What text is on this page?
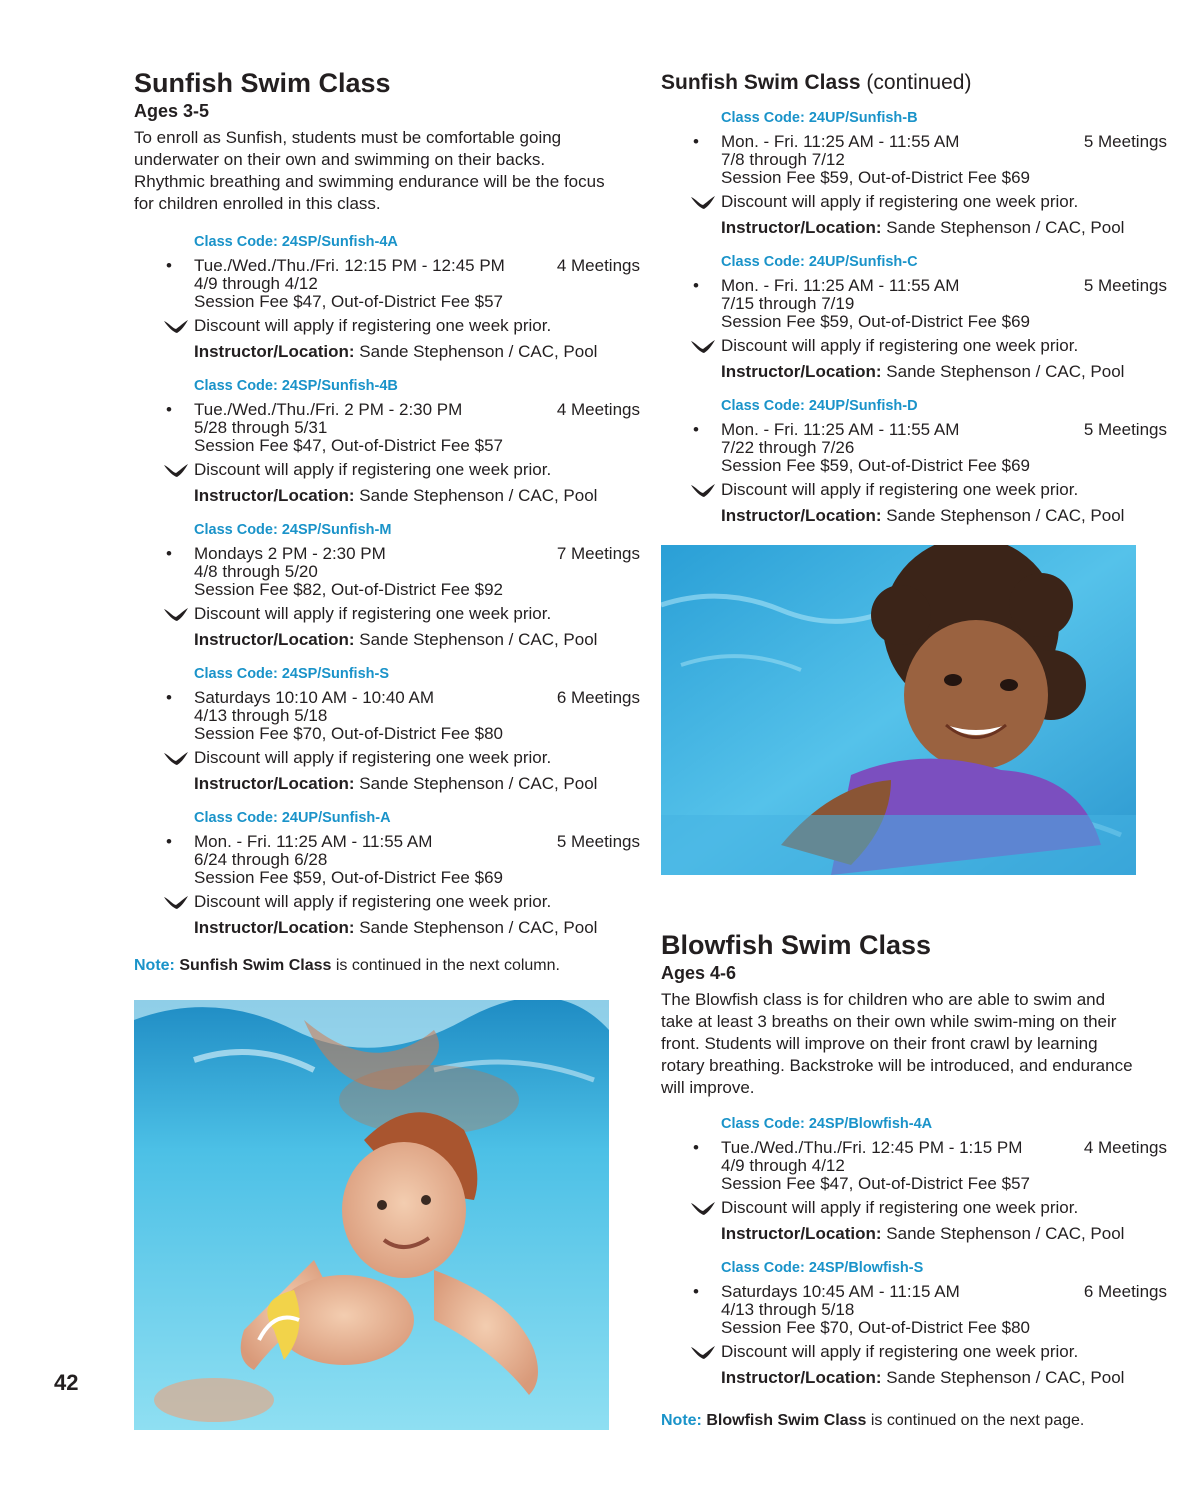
Sunfish Swim Class
Ages 3-5
To enroll as Sunfish, students must be comfortable going underwater on their own and swimming on their backs. Rhythmic breathing and swimming endurance will be the focus for children enrolled in this class.
Class Code: 24SP/Sunfish-4A
• Tue./Wed./Thu./Fri. 12:15 PM - 12:45 PM	4 Meetings
4/9 through 4/12
Session Fee $47, Out-of-District Fee $57
Discount will apply if registering one week prior.
Instructor/Location: Sande Stephenson / CAC, Pool
Class Code: 24SP/Sunfish-4B
• Tue./Wed./Thu./Fri. 2 PM - 2:30 PM	4 Meetings
5/28 through 5/31
Session Fee $47, Out-of-District Fee $57
Discount will apply if registering one week prior.
Instructor/Location: Sande Stephenson / CAC, Pool
Class Code: 24SP/Sunfish-M
• Mondays 2 PM - 2:30 PM	7 Meetings
4/8 through 5/20
Session Fee $82, Out-of-District Fee $92
Discount will apply if registering one week prior.
Instructor/Location: Sande Stephenson / CAC, Pool
Class Code: 24SP/Sunfish-S
• Saturdays 10:10 AM - 10:40 AM	6 Meetings
4/13 through 5/18
Session Fee $70, Out-of-District Fee $80
Discount will apply if registering one week prior.
Instructor/Location: Sande Stephenson / CAC, Pool
Class Code: 24UP/Sunfish-A
• Mon. - Fri. 11:25 AM - 11:55 AM	5 Meetings
6/24 through 6/28
Session Fee $59, Out-of-District Fee $69
Discount will apply if registering one week prior.
Instructor/Location: Sande Stephenson / CAC, Pool
Note: Sunfish Swim Class is continued in the next column.
Sunfish Swim Class (continued)
Class Code: 24UP/Sunfish-B
• Mon. - Fri. 11:25 AM - 11:55 AM	5 Meetings
7/8 through 7/12
Session Fee $59, Out-of-District Fee $69
Discount will apply if registering one week prior.
Instructor/Location: Sande Stephenson / CAC, Pool
Class Code: 24UP/Sunfish-C
• Mon. - Fri. 11:25 AM - 11:55 AM	5 Meetings
7/15 through 7/19
Session Fee $59, Out-of-District Fee $69
Discount will apply if registering one week prior.
Instructor/Location: Sande Stephenson / CAC, Pool
Class Code: 24UP/Sunfish-D
• Mon. - Fri. 11:25 AM - 11:55 AM	5 Meetings
7/22 through 7/26
Session Fee $59, Out-of-District Fee $69
Discount will apply if registering one week prior.
Instructor/Location: Sande Stephenson / CAC, Pool
Blowfish Swim Class
Ages 4-6
The Blowfish class is for children who are able to swim and take at least 3 breaths on their own while swim-ming on their front. Students will improve on their front crawl by learning rotary breathing. Backstroke will be introduced, and endurance will improve.
Class Code: 24SP/Blowfish-4A
• Tue./Wed./Thu./Fri. 12:45 PM - 1:15 PM	4 Meetings
4/9 through 4/12
Session Fee $47, Out-of-District Fee $57
Discount will apply if registering one week prior.
Instructor/Location: Sande Stephenson / CAC, Pool
Class Code: 24SP/Blowfish-S
• Saturdays 10:45 AM - 11:15 AM	6 Meetings
4/13 through 5/18
Session Fee $70, Out-of-District Fee $80
Discount will apply if registering one week prior.
Instructor/Location: Sande Stephenson / CAC, Pool
Note: Blowfish Swim Class is continued on the next page.
42
